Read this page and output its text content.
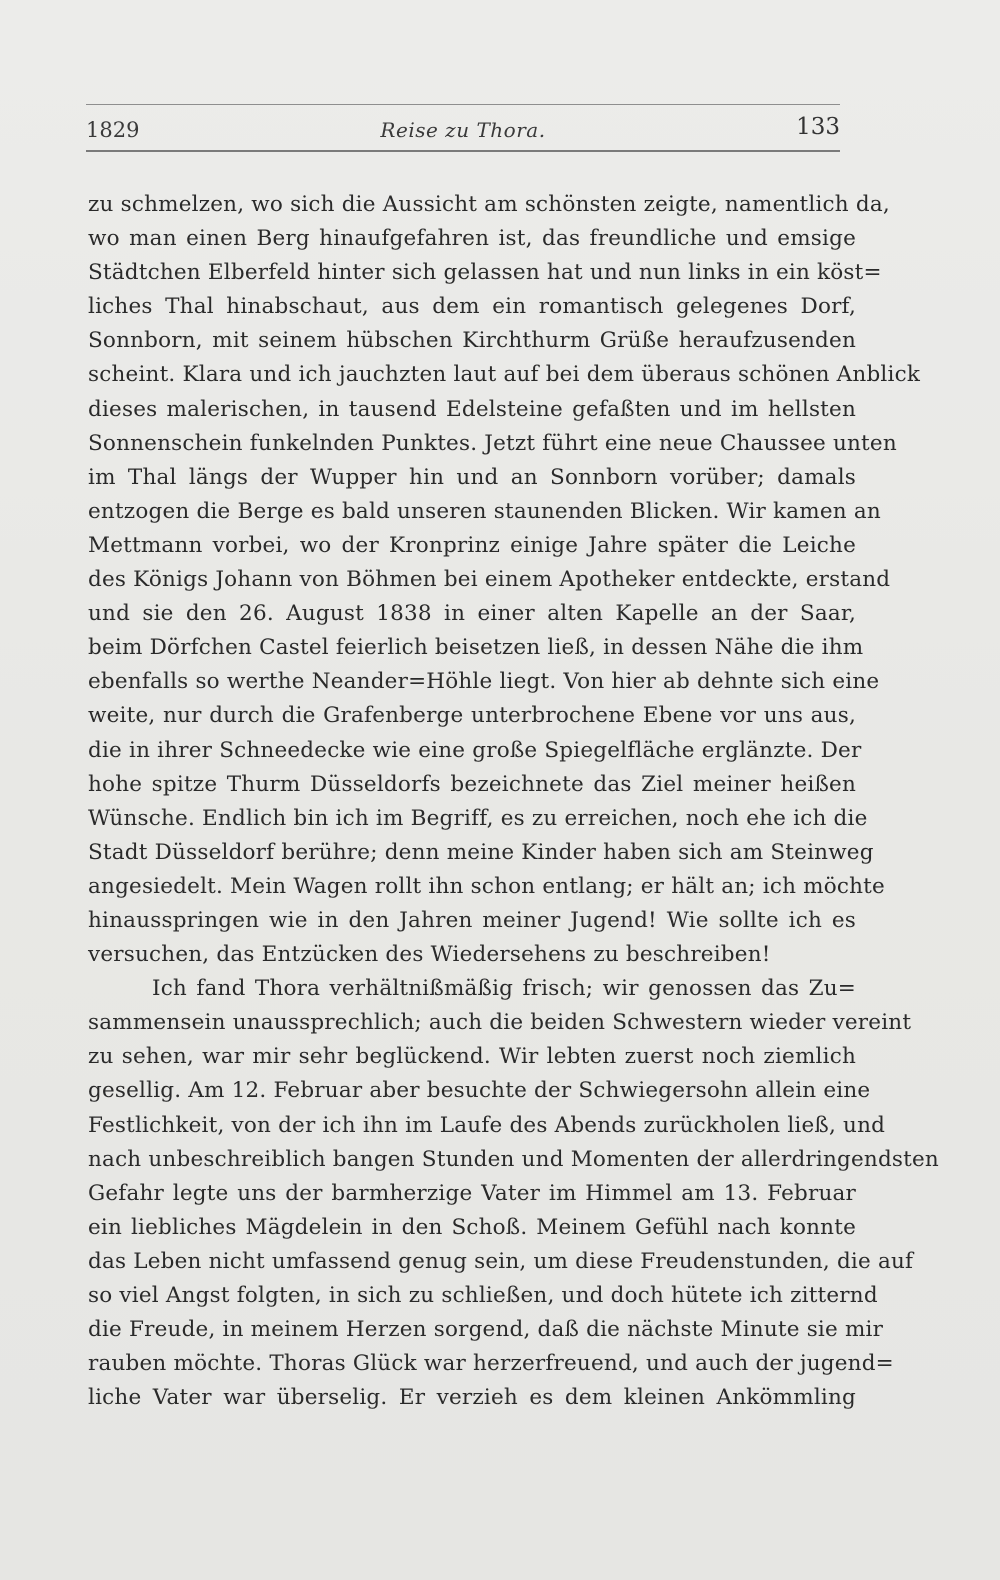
1829	Reise zu Thora.	133
zu schmelzen, wo sich die Aussicht am schönsten zeigte, namentlich da,
wo man einen Berg hinaufgefahren ist, das freundliche und emsige
Städtchen Elberfeld hinter sich gelassen hat und nun links in ein köst=
liches Thal hinabschaut, aus dem ein romantisch gelegenes Dorf,
Sonnborn, mit seinem hübschen Kirchthurm Grüße heraufzusenden
scheint. Klara und ich jauchzten laut auf bei dem überaus schönen Anblick
dieses malerischen, in tausend Edelsteine gefaßten und im hellsten
Sonnenschein funkelnden Punktes. Jetzt führt eine neue Chaussee unten
im Thal längs der Wupper hin und an Sonnborn vorüber; damals
entzogen die Berge es bald unseren staunenden Blicken. Wir kamen an
Mettmann vorbei, wo der Kronprinz einige Jahre später die Leiche
des Königs Johann von Böhmen bei einem Apotheker entdeckte, erstand
und sie den 26. August 1838 in einer alten Kapelle an der Saar,
beim Dörfchen Castel feierlich beisetzen ließ, in dessen Nähe die ihm
ebenfalls so werthe Neander=Höhle liegt. Von hier ab dehnte sich eine
weite, nur durch die Grafenberge unterbrochene Ebene vor uns aus,
die in ihrer Schneedecke wie eine große Spiegelfläche erglänzte. Der
hohe spitze Thurm Düsseldorfs bezeichnete das Ziel meiner heißen
Wünsche. Endlich bin ich im Begriff, es zu erreichen, noch ehe ich die
Stadt Düsseldorf berühre; denn meine Kinder haben sich am Steinweg
angesiedelt. Mein Wagen rollt ihn schon entlang; er hält an; ich möchte
hinausspringen wie in den Jahren meiner Jugend! Wie sollte ich es
versuchen, das Entzücken des Wiedersehens zu beschreiben!
Ich fand Thora verhältnißmäßig frisch; wir genossen das Zu=
sammensein unaussprechlich; auch die beiden Schwestern wieder vereint
zu sehen, war mir sehr beglückend. Wir lebten zuerst noch ziemlich
gesellig. Am 12. Februar aber besuchte der Schwiegersohn allein eine
Festlichkeit, von der ich ihn im Laufe des Abends zurückholen ließ, und
nach unbeschreiblich bangen Stunden und Momenten der allerdringendsten
Gefahr legte uns der barmherzige Vater im Himmel am 13. Februar
ein liebliches Mägdelein in den Schoß. Meinem Gefühl nach konnte
das Leben nicht umfassend genug sein, um diese Freudenstunden, die auf
so viel Angst folgten, in sich zu schließen, und doch hütete ich zitternd
die Freude, in meinem Herzen sorgend, daß die nächste Minute sie mir
rauben möchte. Thoras Glück war herzerfreuend, und auch der jugend=
liche Vater war überselig. Er verzieh es dem kleinen Ankömmling
